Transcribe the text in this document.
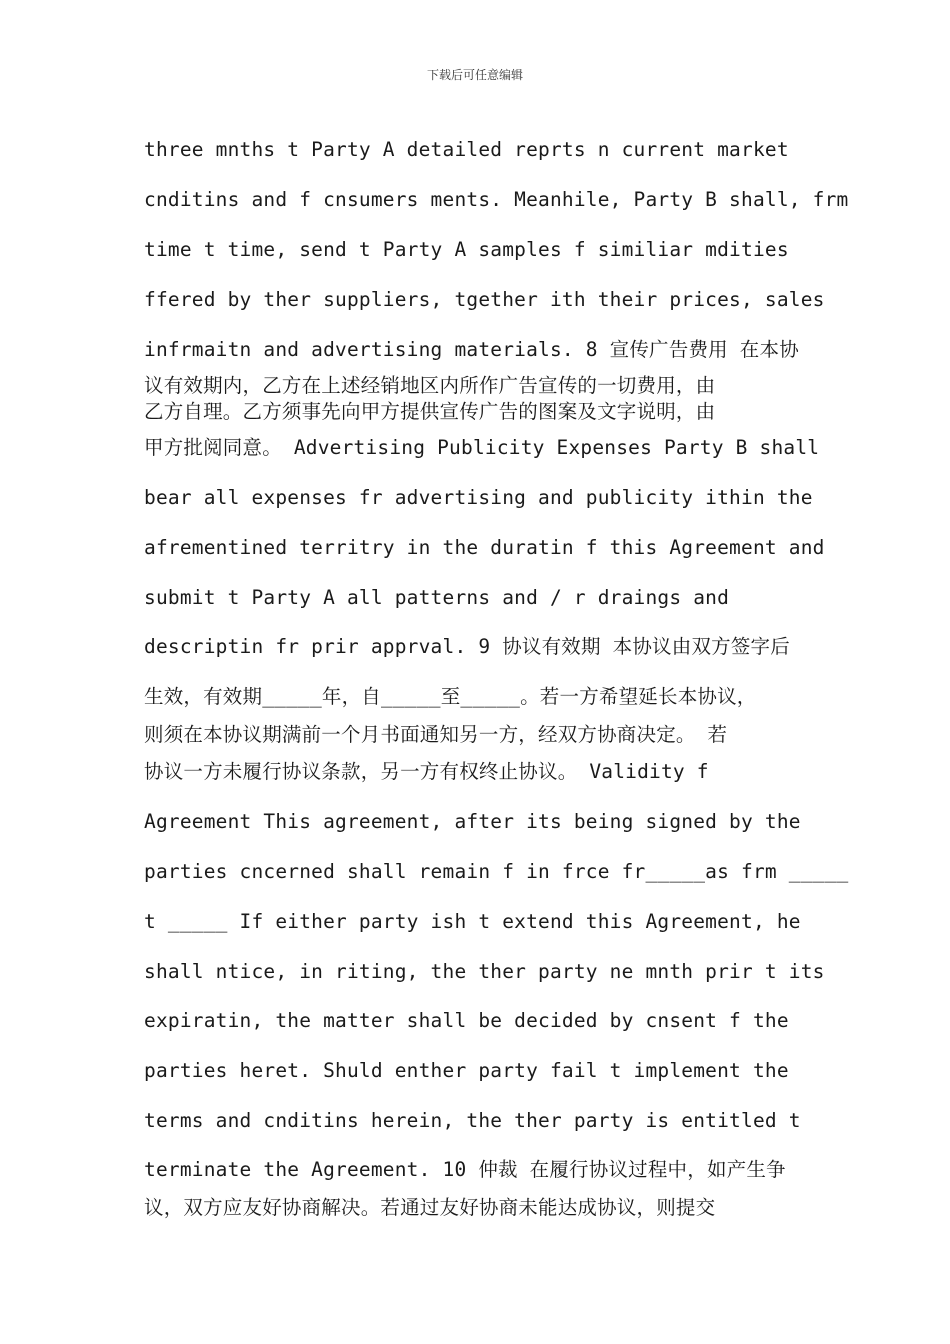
下载后可任意编辑
three mnths t Party A detailed reprts n current market
cnditins and f cnsumers ments. Meanhile, Party B shall, frm
time t time, send t Party A samples f similiar mdities
ffered by ther suppliers, tgether ith their prices, sales
infrmaitn and advertising materials. 8 宣传广告费用 在本协
议有效期内，乙方在上述经销地区内所作广告宣传的一切费用，由
乙方自理。乙方须事先向甲方提供宣传广告的图案及文字说明，由
甲方批阅同意。 Advertising Publicity Expenses Party B shall
bear all expenses fr advertising and publicity ithin the
afrementined territry in the duratin f this Agreement and
submit t Party A all patterns and / r draings and
descriptin fr prir apprval. 9 协议有效期 本协议由双方签字后
生效，有效期_____年，自_____至_____。若一方希望延长本协议，
则须在本协议期满前一个月书面通知另一方，经双方协商决定。 若
协议一方未履行协议条款，另一方有权终止协议。 Validity f
Agreement This agreement, after its being signed by the
parties cncerned shall remain f in frce fr_____as frm _____
t _____ If either party ish t extend this Agreement, he
shall ntice, in riting, the ther party ne mnth prir t its
expiratin, the matter shall be decided by cnsent f the
parties heret. Shuld enther party fail t implement the
terms and cnditins herein, the ther party is entitled t
terminate the Agreement. 10 仲裁 在履行协议过程中，如产生争
议，双方应友好协商解决。若通过友好协商未能达成协议，则提交
